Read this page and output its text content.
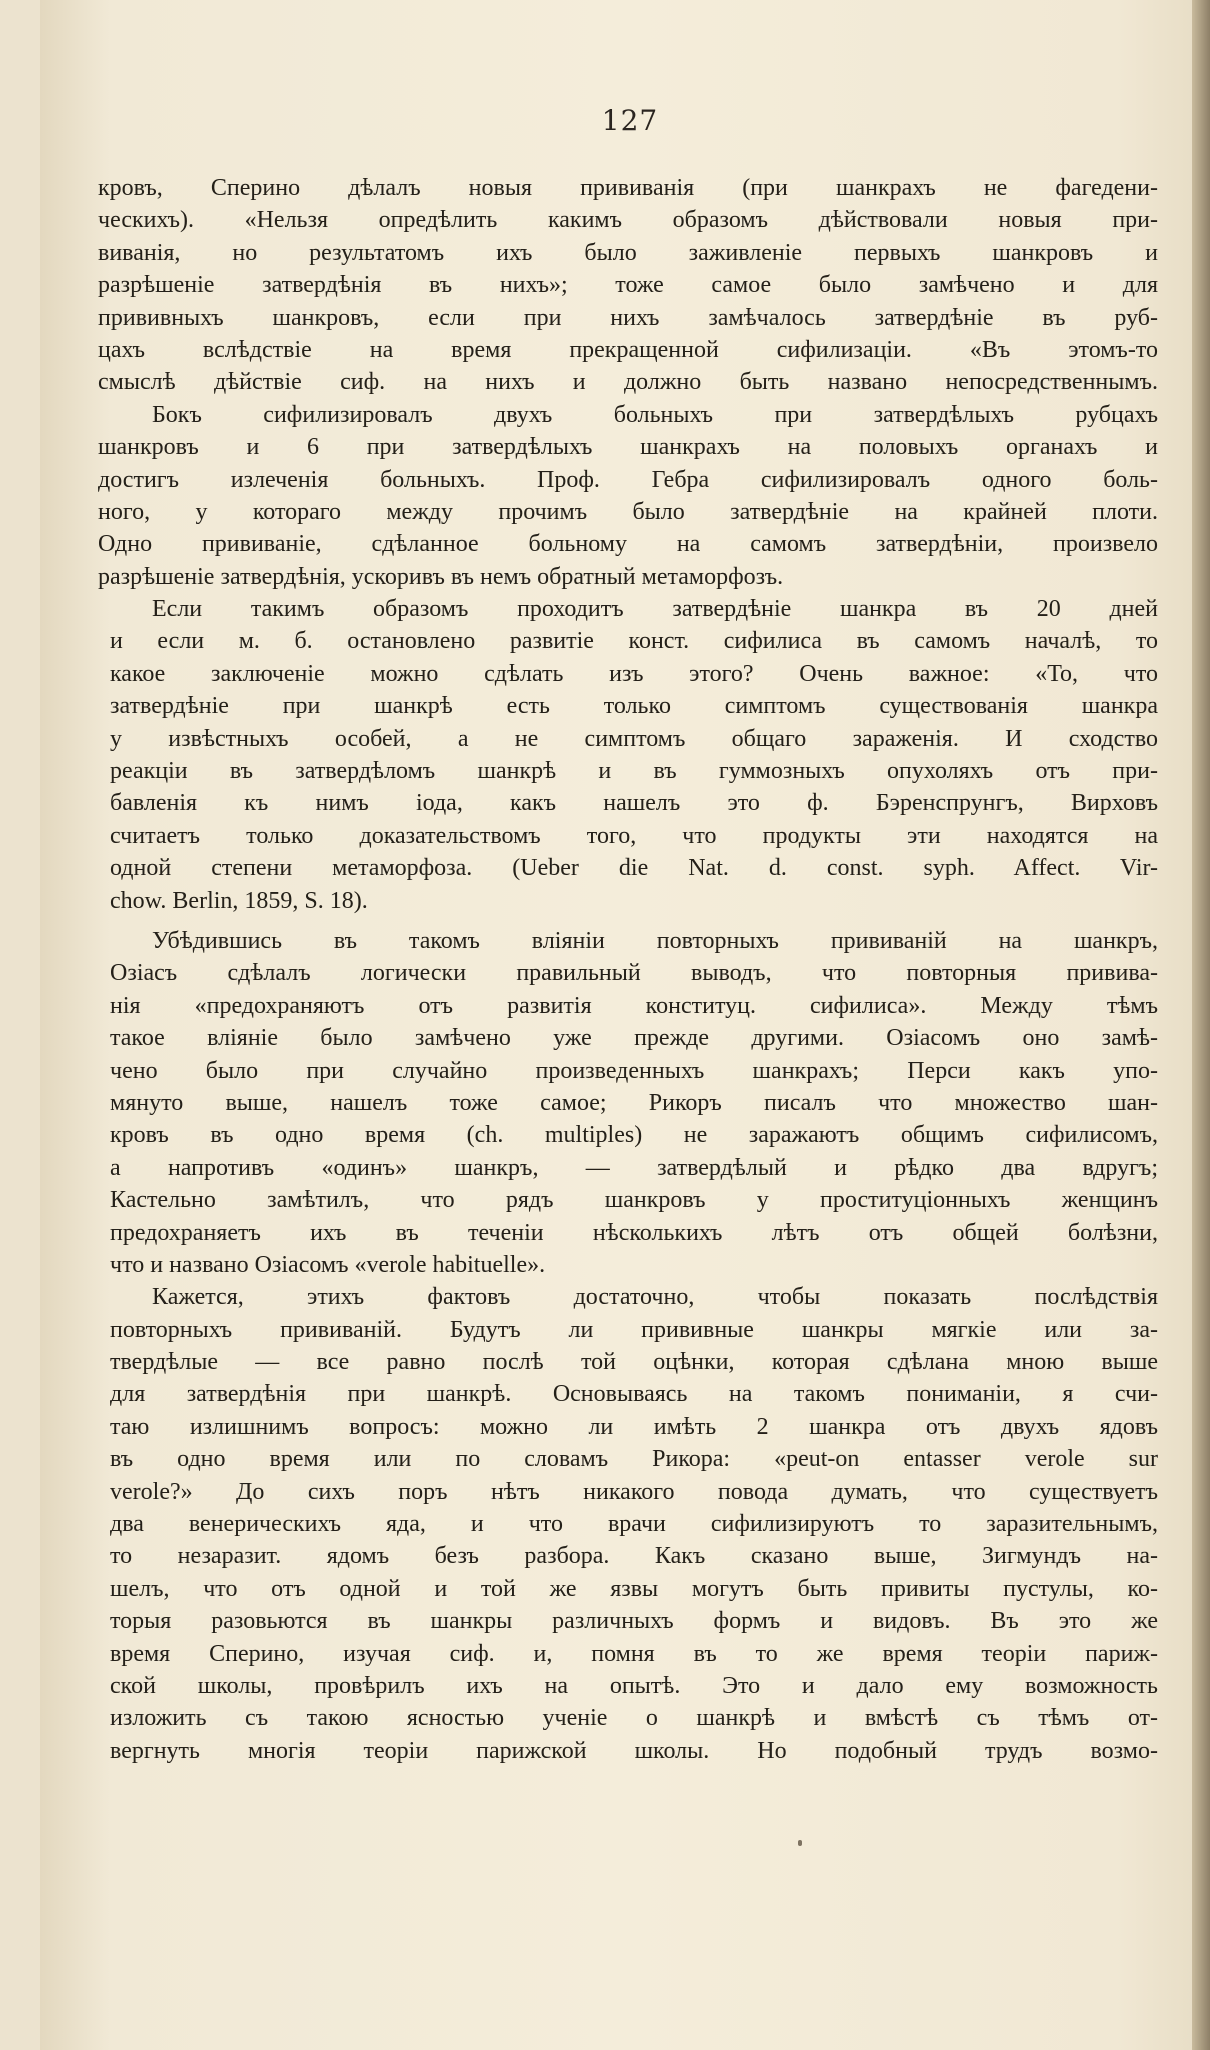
127
кровъ, Сперино дѣлалъ новыя прививанія (при шанкрахъ не фагедени-
ческихъ). «Нельзя опредѣлить какимъ образомъ дѣйствовали новыя при-
виванія, но результатомъ ихъ было заживленіе первыхъ шанкровъ и
разрѣшеніе затвердѣнія въ нихъ»; тоже самое было замѣчено и для
прививныхъ шанкровъ, если при нихъ замѣчалось затвердѣніе въ руб-
цахъ вслѣдствіе на время прекращенной сифилизаціи. «Въ этомъ-то
смыслѣ дѣйствіе сиф. на нихъ и должно быть названо непосредственнымъ.
Бокъ сифилизировалъ двухъ больныхъ при затвердѣлыхъ рубцахъ
шанкровъ и 6 при затвердѣлыхъ шанкрахъ на половыхъ органахъ и
достигъ излеченія больныхъ. Проф. Гебра сифилизировалъ одного боль-
ного, у котораго между прочимъ было затвердѣніе на крайней плоти.
Одно прививаніе, сдѣланное больному на самомъ затвердѣніи, произвело
разрѣшеніе затвердѣнія, ускоривъ въ немъ обратный метаморфозъ.
Если такимъ образомъ проходитъ затвердѣніе шанкра въ 20 дней
и если м. б. остановлено развитіе конст. сифилиса въ самомъ началѣ, то
какое заключеніе можно сдѣлать изъ этого? Очень важное: «То, что
затвердѣніе при шанкрѣ есть только симптомъ существованія шанкра
у извѣстныхъ особей, а не симптомъ общаго зараженія. И сходство
реакціи въ затвердѣломъ шанкрѣ и въ гуммозныхъ опухоляхъ отъ при-
бавленія къ нимъ іода, какъ нашелъ это ф. Бэренспрунгъ, Вирховъ
считаетъ только доказательствомъ того, что продукты эти находятся на
одной степени метаморфоза. (Ueber die Nat. d. const. syph. Affect. Vir-
chow. Berlin, 1859, S. 18).
Убѣдившись въ такомъ вліяніи повторныхъ прививаній на шанкръ,
Озіасъ сдѣлалъ логически правильный выводъ, что повторныя привива-
нія «предохраняютъ отъ развитія конституц. сифилиса». Между тѣмъ
такое вліяніе было замѣчено уже прежде другими. Озіасомъ оно замѣ-
чено было при случайно произведенныхъ шанкрахъ; Перси какъ упо-
мянуто выше, нашелъ тоже самое; Рикоръ писалъ что множество шан-
кровъ въ одно время (ch. multiples) не заражаютъ общимъ сифилисомъ,
а напротивъ «одинъ» шанкръ, — затвердѣлый и рѣдко два вдругъ;
Кастельно замѣтилъ, что рядъ шанкровъ у проституціонныхъ женщинъ
предохраняетъ ихъ въ теченіи нѣсколькихъ лѣтъ отъ общей болѣзни,
что и названо Озіасомъ «verole habituelle».
Кажется, этихъ фактовъ достаточно, чтобы показать послѣдствія
повторныхъ прививаній. Будутъ ли прививные шанкры мягкіе или за-
твердѣлые — все равно послѣ той оцѣнки, которая сдѣлана мною выше
для затвердѣнія при шанкрѣ. Основываясь на такомъ пониманіи, я счи-
таю излишнимъ вопросъ: можно ли имѣть 2 шанкра отъ двухъ ядовъ
въ одно время или по словамъ Рикора: «peut-on entasser verole sur
verole?» До сихъ поръ нѣтъ никакого повода думать, что существуетъ
два венерическихъ яда, и что врачи сифилизируютъ то заразительнымъ,
то незаразит. ядомъ безъ разбора. Какъ сказано выше, Зигмундъ на-
шелъ, что отъ одной и той же язвы могутъ быть привиты пустулы, ко-
торыя разовьются въ шанкры различныхъ формъ и видовъ. Въ это же
время Сперино, изучая сиф. и, помня въ то же время теоріи париж-
ской школы, провѣрилъ ихъ на опытѣ. Это и дало ему возможность
изложить съ такою ясностью ученіе о шанкрѣ и вмѣстѣ съ тѣмъ от-
вергнуть многія теоріи парижской школы. Но подобный трудъ возмо-
